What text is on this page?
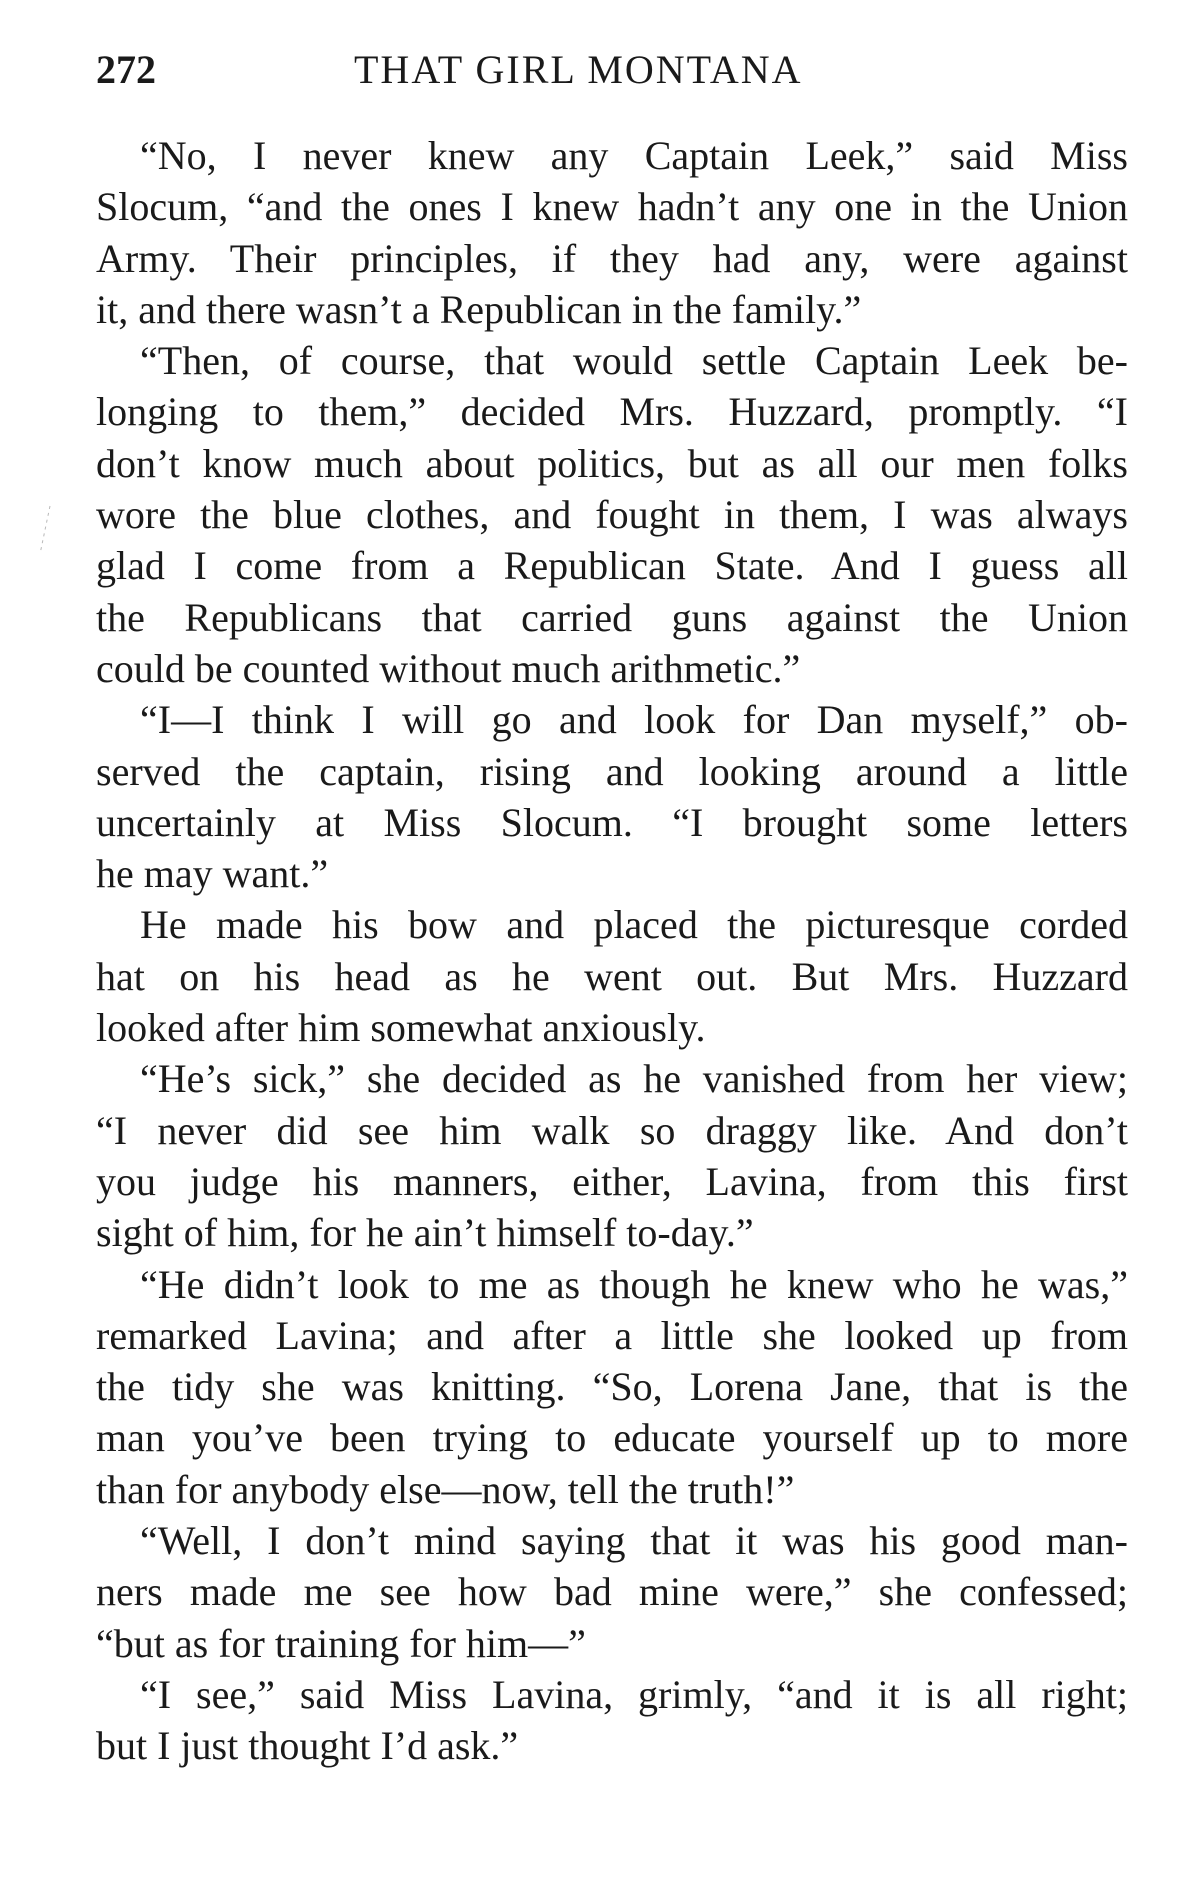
272	THAT GIRL MONTANA
“No, I never knew any Captain Leek,” said Miss
Slocum, “and the ones I knew hadn’t any one in the Union
Army. Their principles, if they had any, were against
it, and there wasn’t a Republican in the family.”
“Then, of course, that would settle Captain Leek be-
longing to them,” decided Mrs. Huzzard, promptly. “I
don’t know much about politics, but as all our men folks
wore the blue clothes, and fought in them, I was always
glad I come from a Republican State. And I guess all
the Republicans that carried guns against the Union
could be counted without much arithmetic.”
“I—I think I will go and look for Dan myself,” ob-
served the captain, rising and looking around a little
uncertainly at Miss Slocum. “I brought some letters
he may want.”
He made his bow and placed the picturesque corded
hat on his head as he went out. But Mrs. Huzzard
looked after him somewhat anxiously.
“He’s sick,” she decided as he vanished from her view;
“I never did see him walk so draggy like. And don’t
you judge his manners, either, Lavina, from this first
sight of him, for he ain’t himself to-day.”
“He didn’t look to me as though he knew who he was,”
remarked Lavina; and after a little she looked up from
the tidy she was knitting. “So, Lorena Jane, that is the
man you’ve been trying to educate yourself up to more
than for anybody else—now, tell the truth!”
“Well, I don’t mind saying that it was his good man-
ners made me see how bad mine were,” she confessed;
“but as for training for him—”
“I see,” said Miss Lavina, grimly, “and it is all right;
but I just thought I’d ask.”
